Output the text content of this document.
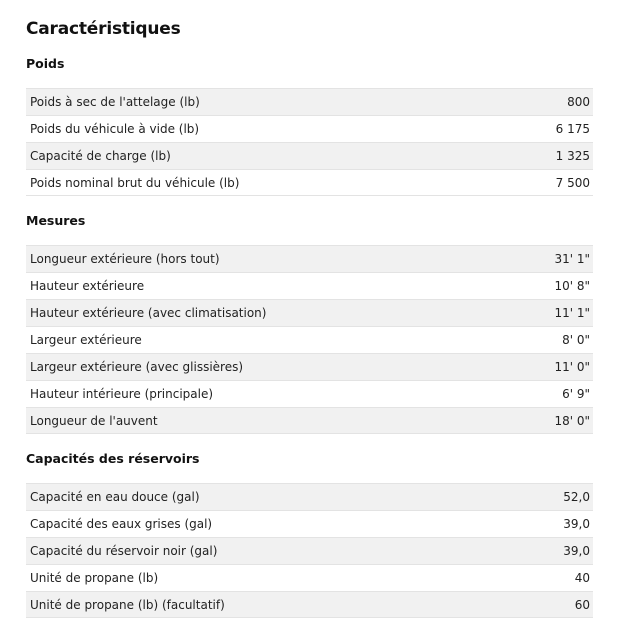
Caractéristiques
Poids
Poids à sec de l'attelage (lb)	800
Poids du véhicule à vide (lb)	6 175
Capacité de charge (lb)	1 325
Poids nominal brut du véhicule (lb)	7 500
Mesures
Longueur extérieure (hors tout)	31' 1"
Hauteur extérieure	10' 8"
Hauteur extérieure (avec climatisation)	11' 1"
Largeur extérieure	8' 0"
Largeur extérieure (avec glissières)	11' 0"
Hauteur intérieure (principale)	6' 9"
Longueur de l'auvent	18' 0"
Capacités des réservoirs
Capacité en eau douce (gal)	52,0
Capacité des eaux grises (gal)	39,0
Capacité du réservoir noir (gal)	39,0
Unité de propane (lb)	40
Unité de propane (lb) (facultatif)	60
